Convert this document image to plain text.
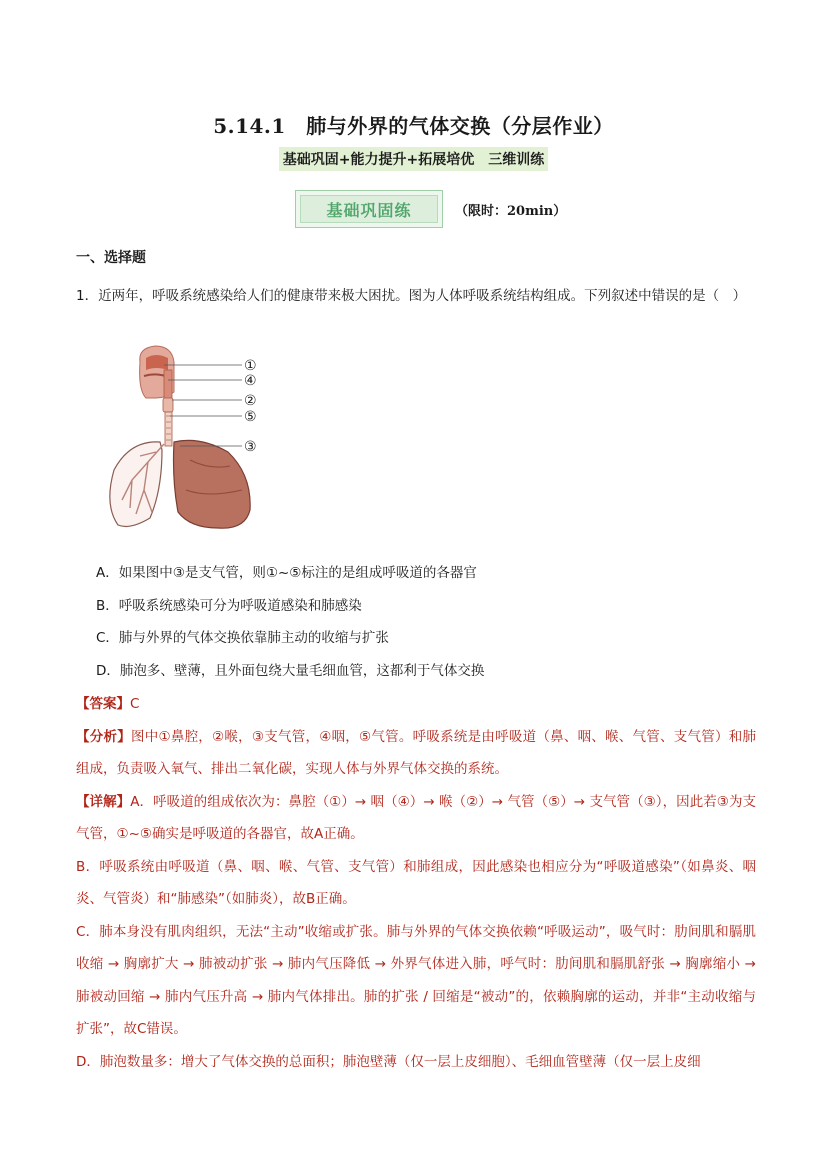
5.14.1　肺与外界的气体交换（分层作业）
基础巩固+能力提升+拓展培优　三维训练
基础巩固练	（限时：20min）
一、选择题
1．近两年，呼吸系统感染给人们的健康带来极大困扰。图为人体呼吸系统结构组成。下列叙述中错误的是（　）
①
④
②
⑤
③
A．如果图中③是支气管，则①~⑤标注的是组成呼吸道的各器官
B．呼吸系统感染可分为呼吸道感染和肺感染
C．肺与外界的气体交换依靠肺主动的收缩与扩张
D．肺泡多、壁薄，且外面包绕大量毛细血管，这都利于气体交换

【答案】C

【分析】图中①鼻腔，②喉，③支气管，④咽，⑤气管。呼吸系统是由呼吸道（鼻、咽、喉、气管、支气管）和肺组成，负责吸入氧气、排出二氧化碳，实现人体与外界气体交换的系统。

【详解】A．呼吸道的组成依次为：鼻腔（①）→ 咽（④）→ 喉（②）→ 气管（⑤）→ 支气管（③），因此若③为支气管，①~⑤确实是呼吸道的各器官，故A正确。

B．呼吸系统由呼吸道（鼻、咽、喉、气管、支气管）和肺组成，因此感染也相应分为“呼吸道感染”（如鼻炎、咽炎、气管炎）和“肺感染”（如肺炎），故B正确。

C．肺本身没有肌肉组织，无法“主动”收缩或扩张。肺与外界的气体交换依赖“呼吸运动”，吸气时：肋间肌和膈肌收缩 → 胸廓扩大 → 肺被动扩张 → 肺内气压降低 → 外界气体进入肺，呼气时：肋间肌和膈肌舒张 → 胸廓缩小 → 肺被动回缩 → 肺内气压升高 → 肺内气体排出。肺的扩张 / 回缩是“被动”的，依赖胸廓的运动，并非“主动收缩与扩张”，故C错误。

D．肺泡数量多：增大了气体交换的总面积；肺泡壁薄（仅一层上皮细胞）、毛细血管壁薄（仅一层上皮细
